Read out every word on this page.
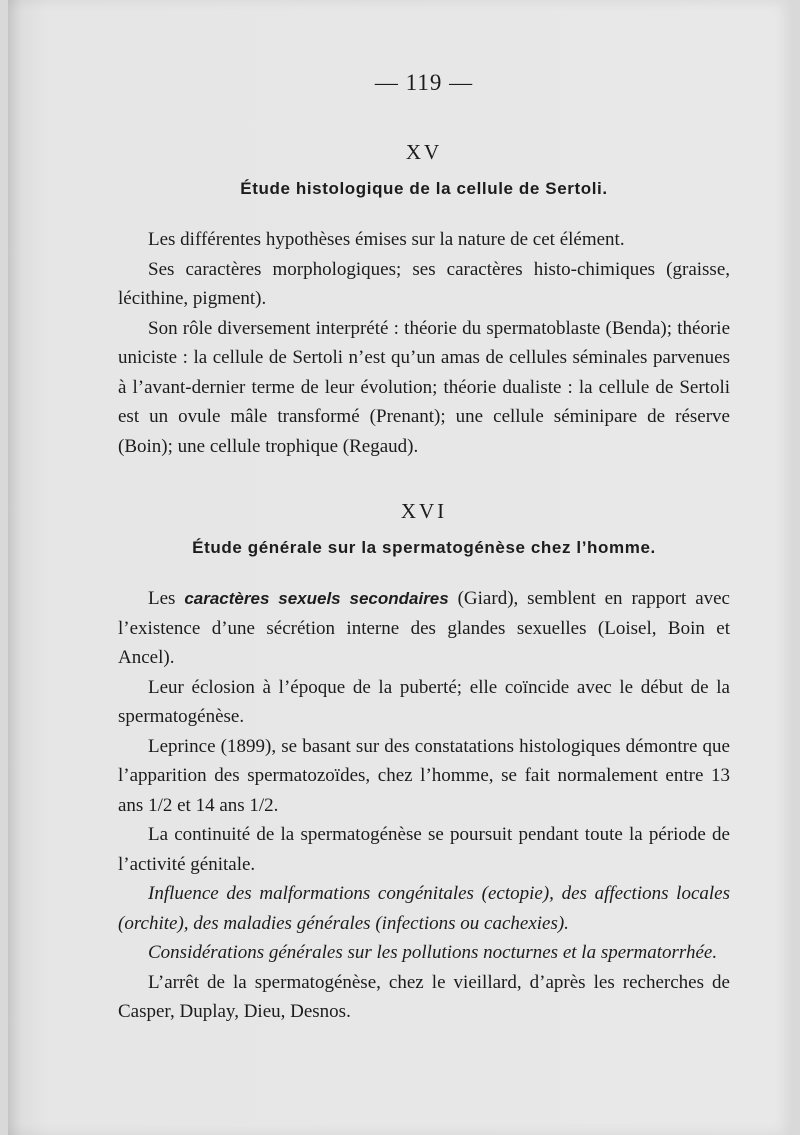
— 119 —
XV
Étude histologique de la cellule de Sertoli.

Les différentes hypothèses émises sur la nature de cet élément.

Ses caractères morphologiques; ses caractères histo-chimiques (graisse, lécithine, pigment).

Son rôle diversement interprété : théorie du spermatoblaste (Benda); théorie uniciste : la cellule de Sertoli n’est qu’un amas de cellules séminales parvenues à l’avant-dernier terme de leur évolution; théorie dualiste : la cellule de Sertoli est un ovule mâle transformé (Prenant); une cellule séminipare de réserve (Boin); une cellule trophique (Regaud).

XVI
Étude générale sur la spermatogénèse chez l’homme.

Les caractères sexuels secondaires (Giard), semblent en rapport avec l’existence d’une sécrétion interne des glandes sexuelles (Loisel, Boin et Ancel).

Leur éclosion à l’époque de la puberté; elle coïncide avec le début de la spermatogénèse.

Leprince (1899), se basant sur des constatations histologiques démontre que l’apparition des spermatozoïdes, chez l’homme, se fait normalement entre 13 ans 1/2 et 14 ans 1/2.

La continuité de la spermatogénèse se poursuit pendant toute la période de l’activité génitale.

Influence des malformations congénitales (ectopie), des affections locales (orchite), des maladies générales (infections ou cachexies).

Considérations générales sur les pollutions nocturnes et la spermatorrhée.

L’arrêt de la spermatogénèse, chez le vieillard, d’après les recherches de Casper, Duplay, Dieu, Desnos.
